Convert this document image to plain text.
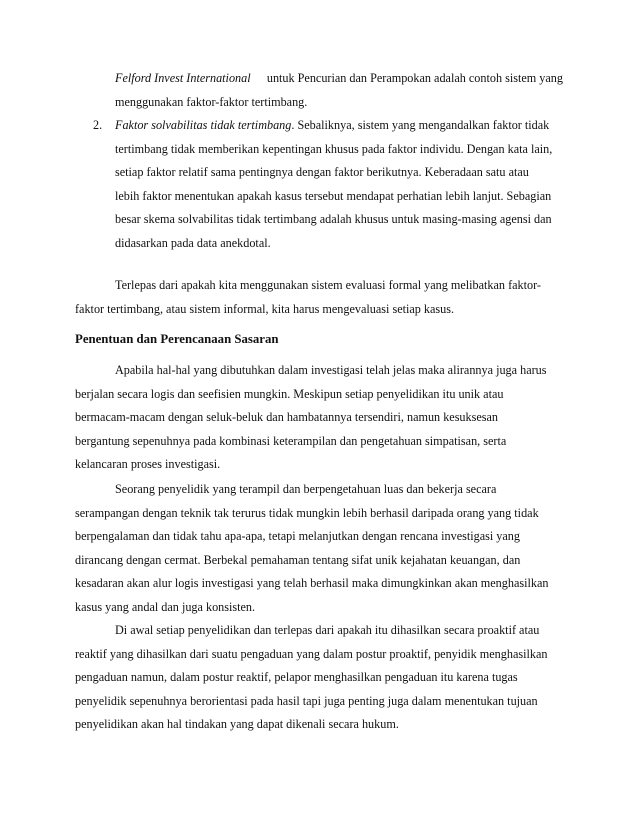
Felford Invest International untuk Pencurian dan Perampokan adalah contoh sistem yang
menggunakan faktor-faktor tertimbang.
2. Faktor solvabilitas tidak tertimbang. Sebaliknya, sistem yang mengandalkan faktor tidak
tertimbang tidak memberikan kepentingan khusus pada faktor individu. Dengan kata lain,
setiap faktor relatif sama pentingnya dengan faktor berikutnya. Keberadaan satu atau
lebih faktor menentukan apakah kasus tersebut mendapat perhatian lebih lanjut. Sebagian
besar skema solvabilitas tidak tertimbang adalah khusus untuk masing-masing agensi dan
didasarkan pada data anekdotal.
Terlepas dari apakah kita menggunakan sistem evaluasi formal yang melibatkan faktor-
faktor tertimbang, atau sistem informal, kita harus mengevaluasi setiap kasus.
Penentuan dan Perencanaan Sasaran
Apabila hal-hal yang dibutuhkan dalam investigasi telah jelas maka alirannya juga harus
berjalan secara logis dan seefisien mungkin. Meskipun setiap penyelidikan itu unik atau
bermacam-macam dengan seluk-beluk dan hambatannya tersendiri, namun kesuksesan
bergantung sepenuhnya pada kombinasi keterampilan dan pengetahuan simpatisan, serta
kelancaran proses investigasi.
Seorang penyelidik yang terampil dan berpengetahuan luas dan bekerja secara
serampangan dengan teknik tak terurus tidak mungkin lebih berhasil daripada orang yang tidak
berpengalaman dan tidak tahu apa-apa, tetapi melanjutkan dengan rencana investigasi yang
dirancang dengan cermat. Berbekal pemahaman tentang sifat unik kejahatan keuangan, dan
kesadaran akan alur logis investigasi yang telah berhasil maka dimungkinkan akan menghasilkan
kasus yang andal dan juga konsisten.
Di awal setiap penyelidikan dan terlepas dari apakah itu dihasilkan secara proaktif atau
reaktif yang dihasilkan dari suatu pengaduan yang dalam postur proaktif, penyidik menghasilkan
pengaduan namun, dalam postur reaktif, pelapor menghasilkan pengaduan itu karena tugas
penyelidik sepenuhnya berorientasi pada hasil tapi juga penting juga dalam menentukan tujuan
penyelidikan akan hal tindakan yang dapat dikenali secara hukum.
